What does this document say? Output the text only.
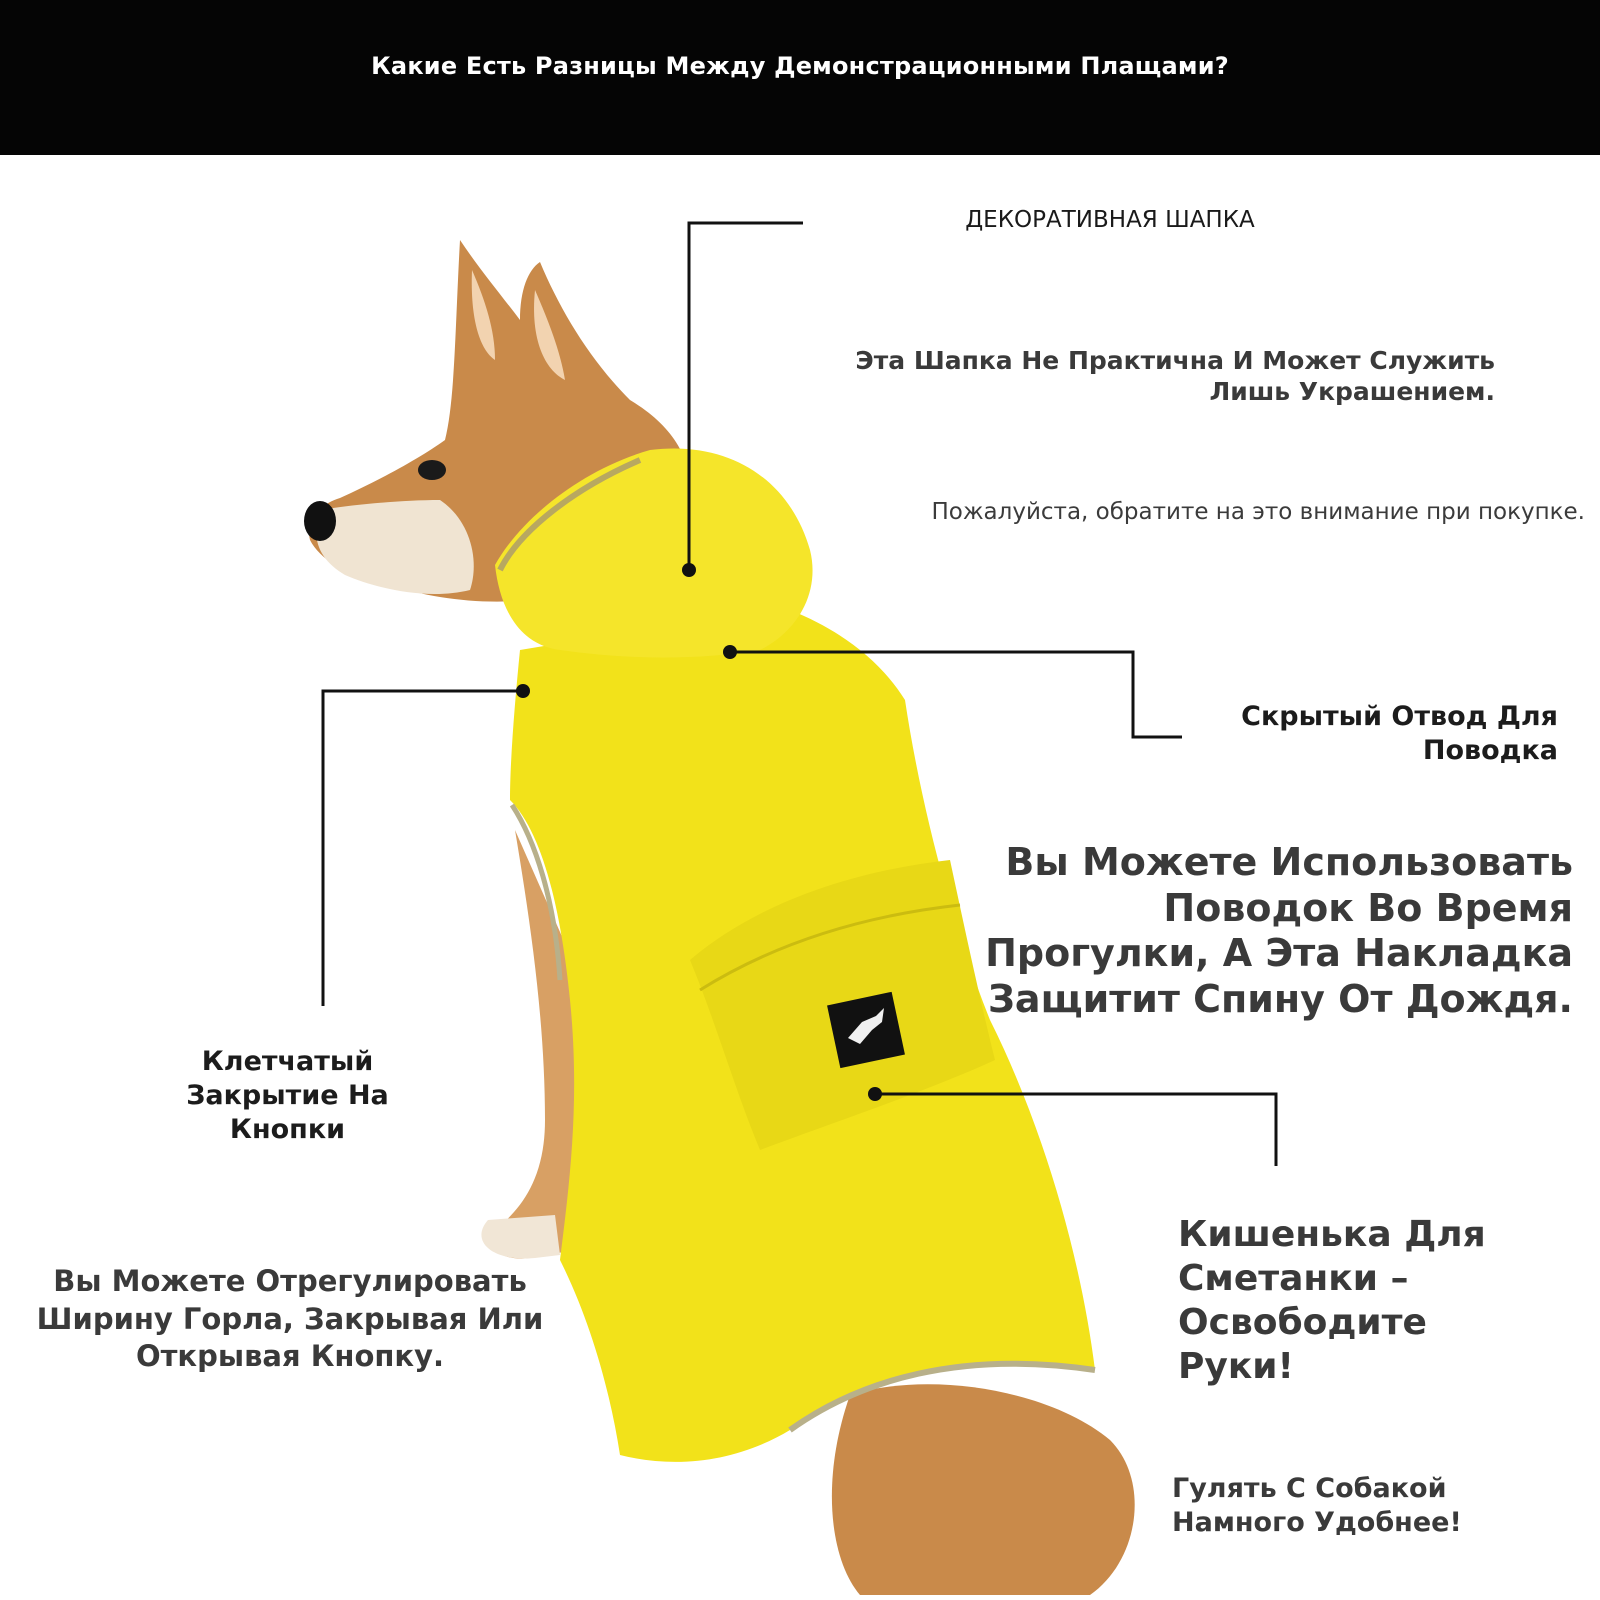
Какие Есть Разницы Между Демонстрационными Плащами?
ДЕКОРАТИВНАЯ ШАПКА
Эта Шапка Не Практична И Может Служить Лишь Украшением.
Пожалуйста, обратите на это внимание при покупке.
Скрытый Отвод Для Поводка
Вы Можете Использовать Поводок Во Время Прогулки, А Эта Накладка Защитит Спину От Дождя.
Клетчатый Закрытие На Кнопки
Вы Можете Отрегулировать Ширину Горла, Закрывая Или Открывая Кнопку.
Кишенька Для Сметанки – Освободите Руки!
Гулять С Собакой Намного Удобнее!
